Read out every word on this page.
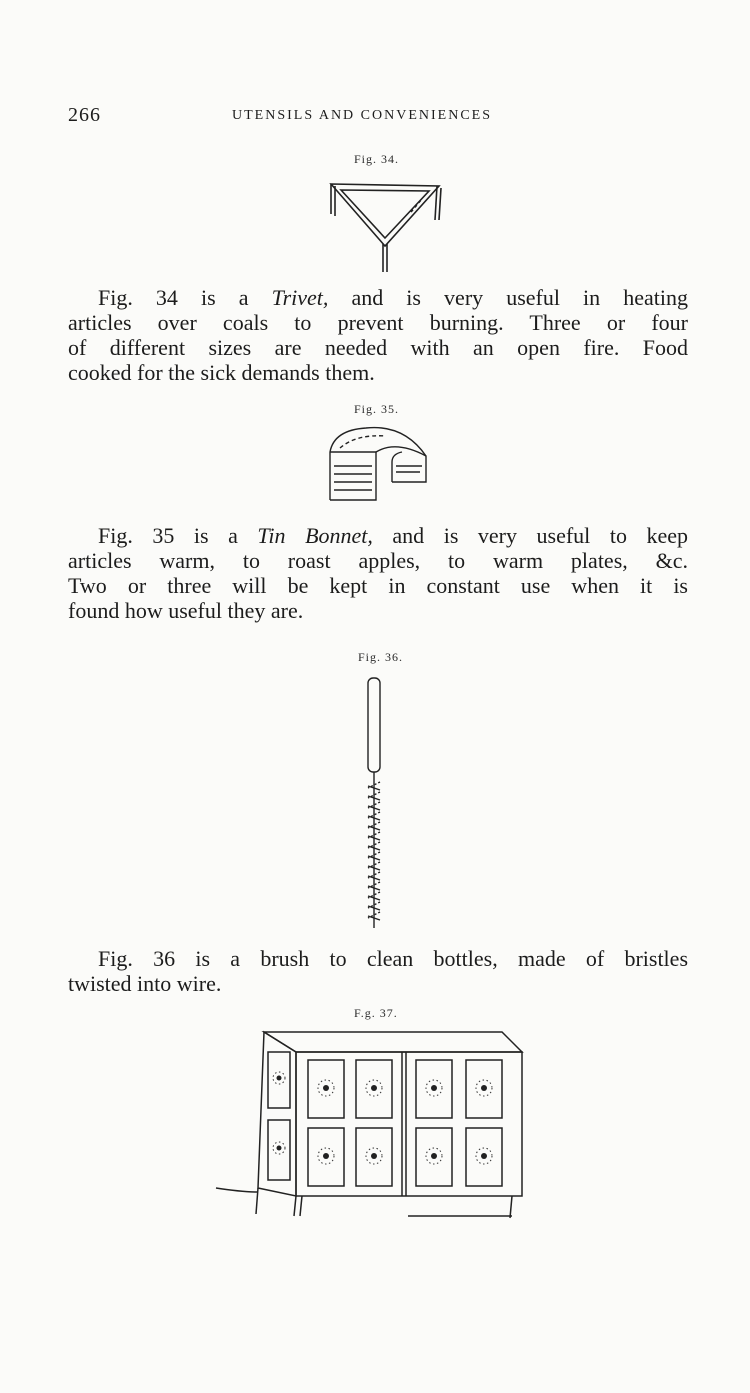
266	UTENSILS AND CONVENIENCES
Fig. 34.
Fig. 34 is a Trivet, and is very useful in heating
articles over coals to prevent burning. Three or four
of different sizes are needed with an open fire. Food
cooked for the sick demands them.
Fig. 35.
Fig. 35 is a Tin Bonnet, and is very useful to keep
articles warm, to roast apples, to warm plates, &c.
Two or three will be kept in constant use when it is
found how useful they are.
Fig. 36.
Fig. 36 is a brush to clean bottles, made of bristles
twisted into wire.
F.g. 37.
